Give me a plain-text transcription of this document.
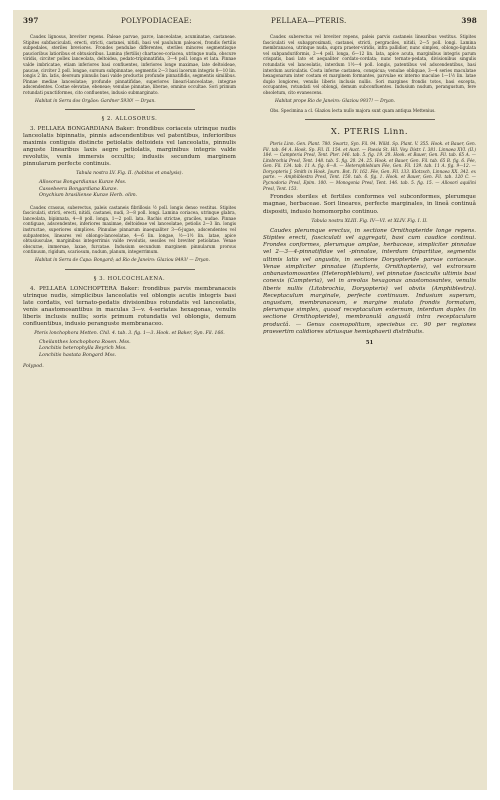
397	POLYPODIACEAE:	PELLAEA—PTERIS.	398

Caudex lignosus, breviter repens. Paleae parvae, parce, lanceolatae, acuminatae, castaneae. Stipites subfasciculati, erecti, stricti, castanei, nitidi, basi vel paululum paleacei, frondis fertilis subpedales, steriles breviores. Frondes pendulae differentes, steriles minores segmentisque paucioribus latioribus et obtusioribus. Lamina (fertilis) chartaceo-coriacea, utrinque nuda, obscure viridis, circiter pollex lanceolata, deltoidea, pedato-tripinnatifida, 3—4 poll. longa et lata. Pinnae valde imbricatae, etiam inferiores basi confluentes, inferiores longe maximae, late deltoideae, paucae, circiter 2 poll. longae, sursum subpinnatae, segmentis 2—3 basi lacerum integris 8—10 lin. longis 2 lin. latis, deorsum pinnulis basi valde productis profunde pinnatifidis, segmentis similibus. Pinnae mediae lanceolatae; profunde pinnatifidae, superiores lineari-lanceolatae, integrae adscendentes. Costae elevatae, ebeneae; venulae pinnatae, liberae, omnino occultae. Sori primum rotundati punctiformes, cito confluentes, indusio submarginato.

Habitat in Serra dos Orgãos: Gardner 5930! — Dryan.

§ 2. ALLOSORUS.

3. PELLAEA BONGARDIANA Baker: frondibus coriaceis utrinque nudis lanceolatis bipinnatis, pinnis adscendentibus vel patentibus, inferioribus maximis contiguis distincte petiolatis deltoideis vel lanceolatis, pinnulis anguste linearibus laxis aegre petiolatis, marginibus integris valde revolutis, venis immersis occultis; indusiis secundum marginem pinnularum perfecte continuis.

Tabula nostra LV. Fig. II. (habitus et analysis).

Allosorus Bongardianus Kunze Mss.

Cassebeera Bongardiana Kunze.

Onychium brasiliense Kunze Herb. olim.

Caudex crassus, suberectus, paleis castaneis fibrillosis ½ poll. longis denso vestitus. Stipites fasciculati, stricti, erecti, nitidi, castanei, nudi, 3—8 poll. longi. Lamina coriacea, utrinque glabra, lanceolata, bipinnata, 4—8 poll. longa, 1—2 poll. lata. Rachis strictae, graciles, nudae. Pinnae contiguae, adscendentes, inferiores maximae, deltoideae vel lanceolatae, petiolis 2—3 lin. longis instructae, superiores simplices. Pinnulae pinnarum inaequaliter 3—6-jugae, adscendentes vel subpatentes, lineares vel oblongo-lanceolatae, 4—6 lin. longae, ½—1½ lin. latae, apice obtusiusculae, marginibus integerrimis valde revolutis, sessiles vel breviter petiolatae. Venae obscurae, immersae, laxae, furcatae. Indusium secundum marginem pinnularum prorsus continuum, rigidum, scariosum, nudum, planum, integerrimum.

Habitat in Serra de Capa: Bongard; ad Rio de Janeiro: Glaziou 8493! — Dryan.

§ 3. HOLCOCHLAENA.

4. PELLAEA LONCHOPTERA Baker: frondibus parvis membranaceis utrinque nudis, simplicibus lanceolatis vel oblongis acutis integris basi late cordatis, vel ternato-pedatis divisionibus rotundatis vel lanceolatis, venis anastomosantibus in maculas 3—v. 4-seriatas hexagonas, venulis liberis inclusis nullis; soris primum rotundatis vel oblongis, demum confluentibus, indusio peranguste membranaceo.

Pteris lonchophora Metten. Chil. 4. tab. 3. fig. 1—3. Hook. et Baker, Syn. Fil. 166.

Cheilanthes lonchophora Rosen. Mss.

Lonchitis heterophylla Beyrich Mss.

Lonchitis hastata Bongard Mss.

Polypod.

Caudex suberectus vel breviter repens, paleis parvis castaneis linearibus vestitus. Stipites fasciculati vel subapproximati, castanei, stricti, pergraciles, nitidi, 2—5 poll. longi. Lamina membranacea, utrinque nuda, supra praeter-viridis, infra pallidior, nunc simplex, oblongo-ligulata vel subpanduriformis, 2—4 poll. longa, 6—12 lin. lata, apice acuta, marginibus integris parum crispatis, basi lato et aequaliter cordato-cordata; nunc ternato-pedata, divisionibus singulis rotundatis vel lanceolatis, interdum 1½—4 poll. longis, patentibus vel adscendentibus, basi interdum auriculatis. Costa inferne castanea, conspicua; venulae obliquae, 3—4 series maculatae hexagonarum inter costam et marginem formantes, parvulae ex interno maculae 1—1½ lin. latae duplo longiores, venulis liberis inclusis nullis. Sori margines frondis totos, basi excepta, occupantes, rotundati vel oblongi, demum subconfluentes. Indusium nudum, perangustum, fere obsoletum, cito evanescens.

Habitat prope Rio de Janeiro: Glaziou 9937! — Dryan.

Obs. Specimina a cl. Glaziou lecta nullo majora sunt quam antiqua Mettenius.

X. PTERIS Linn.

Pteris Linn. Gen. Plant. 780. Swartz, Syn. Fil. 94. Willd. Sp. Plant. V. 355. Hook. et Bauer, Gen. Fil. tab. 64 A. Hook. Sp. Fil. II. 154. et Auct. — Paesia St. Hil. Voy. Distr. I. 381. Linnaea XVI. (II.) 184. — Campteria Presl, Tent. Pter. 146. tab. 5. fig. 19. 20. Hook. et Bauer, Gen. Fil. tab. 65 A. — Litobrochia Presl, Tent. 148. tab. 5. fig. 20. 24. 25. Hook. et Bauer, Gen. Fil. tab. 65 B. fig. 6. Fée, Gen. Fil. 134. tab. 11 A. fig. 6—8. — Heterophlebium Fée, Gen. Fil. 139. tab. 11 A. fig. 9—12. — Doryopteris J. Smith in Hook. Journ. Bot. IV. 162. Fée, Gen. Fil. 133. Klotzsch, Linnaea XX. 342. ex parte. — Amphiblestra Presl, Tent. 150. tab. 6. fig. 1. Hook. et Bauer, Gen. Fil. tab. 120 C. — Pycnodoria Presl, Epim. 100. — Monogonia Presl, Tent. 146. tab. 5. fig. 15. — Allosori aquilini Presl, Tent. 153.

Frondes steriles et fertiles conformes vel subconformes, plerumque magnae, herbaceae. Sori lineares, perfecte marginales, in lineâ continuâ dispositi, indusio homomorpho continuo.

Tabula nostra XLIII. Fig. IV—VI. et XLIV. Fig. I. II.

Caudex plerumque erectus, in sectione Ornithopteride longe repens. Stipites erecti, fasciculati vel aggregati, basi cum caudice continui. Frondes conformes, plerumque amplae, herbaceae, simpliciter pinnatae vel 2—3—4-pinnatifidae vel -pinnatae, interdum tripartitae, segmentis ultimis latis vel angustis, in sectione Doryopteride parvae coriaceae. Venae simpliciter pinnatae (Eupteris, Ornithopteris), vel extrorsum anbanastomosantes (Heterophlebium), vel pinnatae fasciculis ultimis basi conexis (Campteria), vel in areolas hexagonas anastomosantes, venulis liberis nullis (Litobrochia, Doryopteris) vel obviis (Amphiblestra). Receptaculum marginale, perfecte continuum. Indusium superum, angustum, membranaceum, e margine mutato frondis formatum, plerumque simplex, quoad receptaculum externum, interdum duplex (in sectione Ornithopteride), membranulâ angustâ intra receptaculum productâ. — Genus cosmopolitum, speciebus cc. 90 per regiones praesertim calidiores utriusque hemisphaerii distributis.

51
